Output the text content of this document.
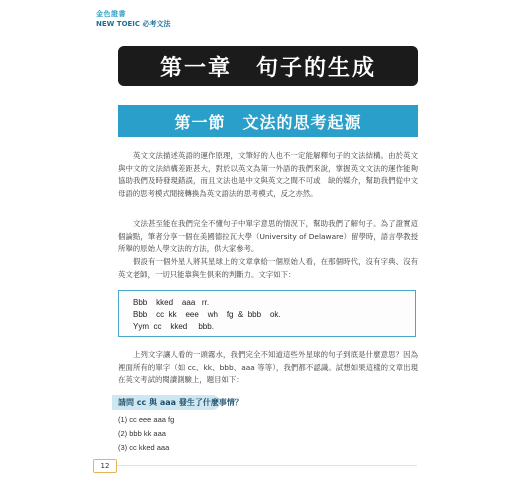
金色證書
NEW TOEIC 必考文法
第一章　句子的生成
第一節　文法的思考起源

　　英文文法描述英語的運作原理，文筆好的人也不一定能解釋句子的文法結構。由於英文與中文的文法結構差距甚大，對於以英文為第一外語的我們來說，掌握英文文法的運作能夠協助我們及時發現錯誤，而且文法也是中文與英文之間不可或　缺的媒介，幫助我們從中文母語的思考模式閒接轉換為英文語法的思考模式，反之亦然。

　　文法甚至能在我們完全不懂句子中單字意思的情況下，幫助我們了解句子。為了證實這個論點，筆者分享一個在美國德拉瓦大學（University of Delaware）留學時，語言學教授所舉的原始人學文法的方法，供大家參考。

　　假設有一個外星人將其星球上的文章拿給一個原始人看，在那個時代，沒有字典、沒有英文老師，一切只能靠與生俱來的判斷力。文字如下：

Bbb    kked    aaa   rr.
Bbb    cc  kk    eee    wh    fg  &  bbb    ok.
Yym  cc    kked     bbb.

　　上列文字讓人看的一頭霧水，我們完全不知道這些外星球的句子到底是什麼意思？因為裡面所有的單字（如 cc、kk、bbb、aaa 等等），我們都不認識。試想如果這樣的文章出現在英文考試的閱讀測驗上，題目如下：

請問 cc 與 aaa 發生了什麼事情？
(1) cc eee aaa fg
(2) bbb kk aaa
(3) cc kked aaa
12
